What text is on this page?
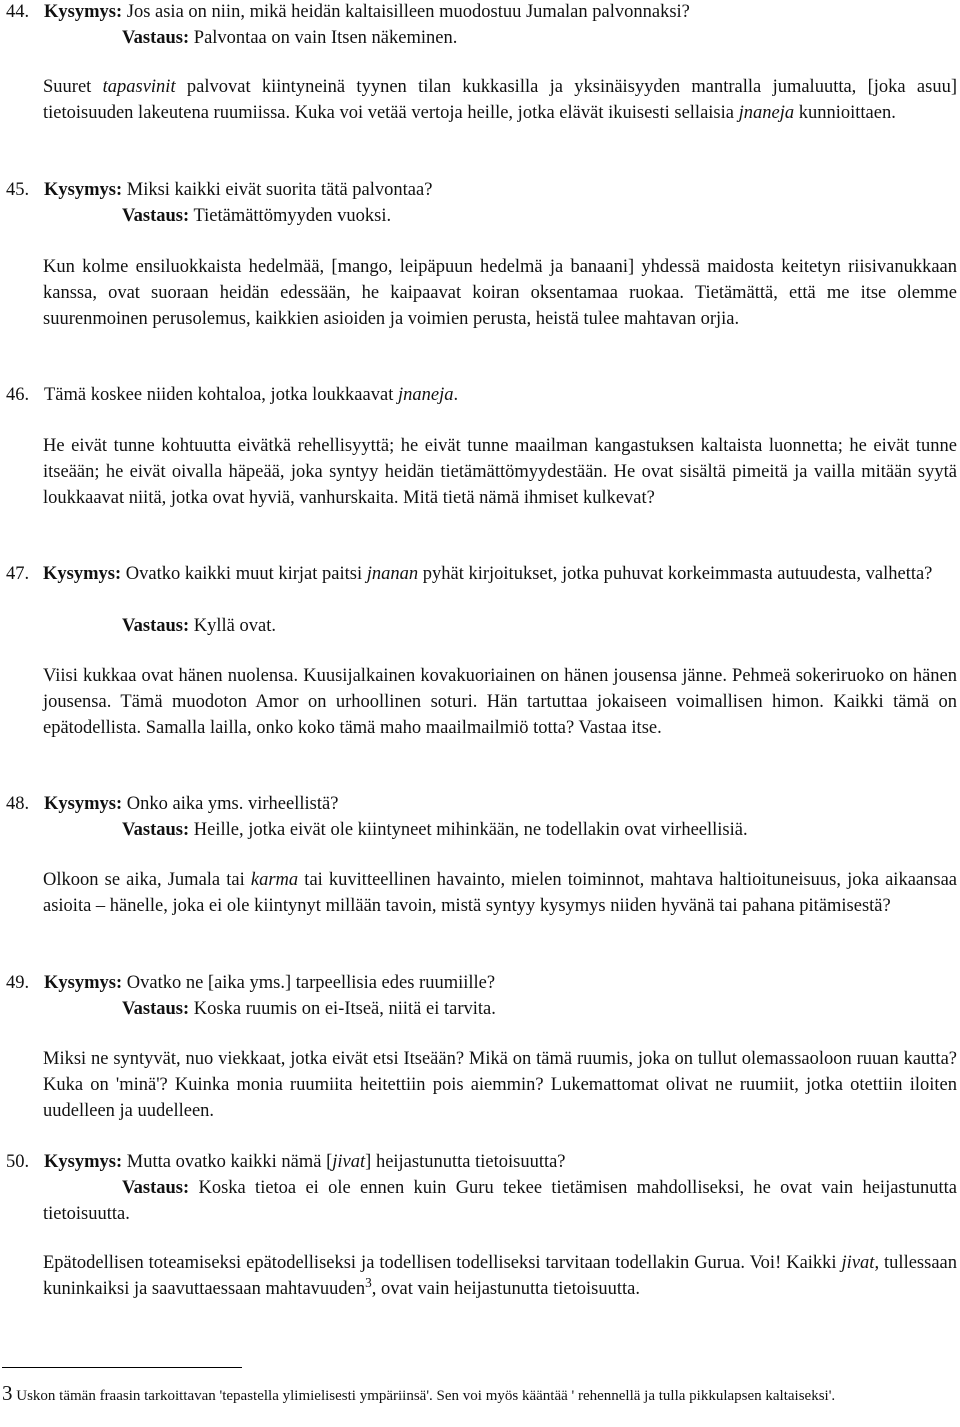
44. Kysymys: Jos asia on niin, mikä heidän kaltaisilleen muodostuu Jumalan palvonnaksi?
Vastaus: Palvontaa on vain Itsen näkeminen.

Suuret tapasvinit palvovat kiintyneinä tyynen tilan kukkasilla ja yksinäisyyden mantralla jumaluutta, [joka asuu] tietoisuuden lakeutena ruumiissa. Kuka voi vetää vertoja heille, jotka elävät ikuisesti sellaisia jnaneja kunnioittaen.

45. Kysymys: Miksi kaikki eivät suorita tätä palvontaa?
Vastaus: Tietämättömyyden vuoksi.

Kun kolme ensiluokkaista hedelmää, [mango, leipäpuun hedelmä ja banaani] yhdessä maidosta keitetyn riisivanukkaan kanssa, ovat suoraan heidän edessään, he kaipaavat koiran oksentamaa ruokaa. Tietämättä, että me itse olemme suurenmoinen perusolemus, kaikkien asioiden ja voimien perusta, heistä tulee mahtavan orjia.

46. Tämä koskee niiden kohtaloa, jotka loukkaavat jnaneja.

He eivät tunne kohtuutta eivätkä rehellisyyttä; he eivät tunne maailman kangastuksen kaltaista luonnetta; he eivät tunne itseään; he eivät oivalla häpeää, joka syntyy heidän tietämättömyydestään. He ovat sisältä pimeitä ja vailla mitään syytä loukkaavat niitä, jotka ovat hyviä, vanhurskaita. Mitä tietä nämä ihmiset kulkevat?

47. Kysymys: Ovatko kaikki muut kirjat paitsi jnanan pyhät kirjoitukset, jotka puhuvat korkeimmasta autuudesta, valhetta?

Vastaus: Kyllä ovat.

Viisi kukkaa ovat hänen nuolensa. Kuusijalkainen kovakuoriainen on hänen jousensa jänne. Pehmeä sokeriruoko on hänen jousensa. Tämä muodoton Amor on urhoollinen soturi. Hän tartuttaa jokaiseen voimallisen himon. Kaikki tämä on epätodellista. Samalla lailla, onko koko tämä maho maailmailmiö totta? Vastaa itse.

48. Kysymys: Onko aika yms. virheellistä?
Vastaus: Heille, jotka eivät ole kiintyneet mihinkään, ne todellakin ovat virheellisiä.

Olkoon se aika, Jumala tai karma tai kuvitteellinen havainto, mielen toiminnot, mahtava haltioituneisuus, joka aikaansaa asioita – hänelle, joka ei ole kiintynyt millään tavoin, mistä syntyy kysymys niiden hyvänä tai pahana pitämisestä?

49. Kysymys: Ovatko ne [aika yms.] tarpeellisia edes ruumiille?
Vastaus: Koska ruumis on ei-Itseä, niitä ei tarvita.

Miksi ne syntyvät, nuo viekkaat, jotka eivät etsi Itseään? Mikä on tämä ruumis, joka on tullut olemassaoloon ruuan kautta? Kuka on 'minä'? Kuinka monia ruumiita heitettiin pois aiemmin? Lukemattomat olivat ne ruumiit, jotka otettiin iloiten uudelleen ja uudelleen.

50. Kysymys: Mutta ovatko kaikki nämä [jivat] heijastunutta tietoisuutta?

Vastaus: Koska tietoa ei ole ennen kuin Guru tekee tietämisen mahdolliseksi, he ovat vain heijastunutta tietoisuutta.

Epätodellisen toteamiseksi epätodelliseksi ja todellisen todelliseksi tarvitaan todellakin Gurua. Voi! Kaikki jivat, tullessaan kuninkaiksi ja saavuttaessaan mahtavuuden$^3$, ovat vain heijastunutta tietoisuutta.

3 Uskon tämän fraasin tarkoittavan 'tepastella ylimielisesti ympäriinsä'. Sen voi myös kääntää ' rehennellä ja tulla pikkulapsen kaltaiseksi'.
